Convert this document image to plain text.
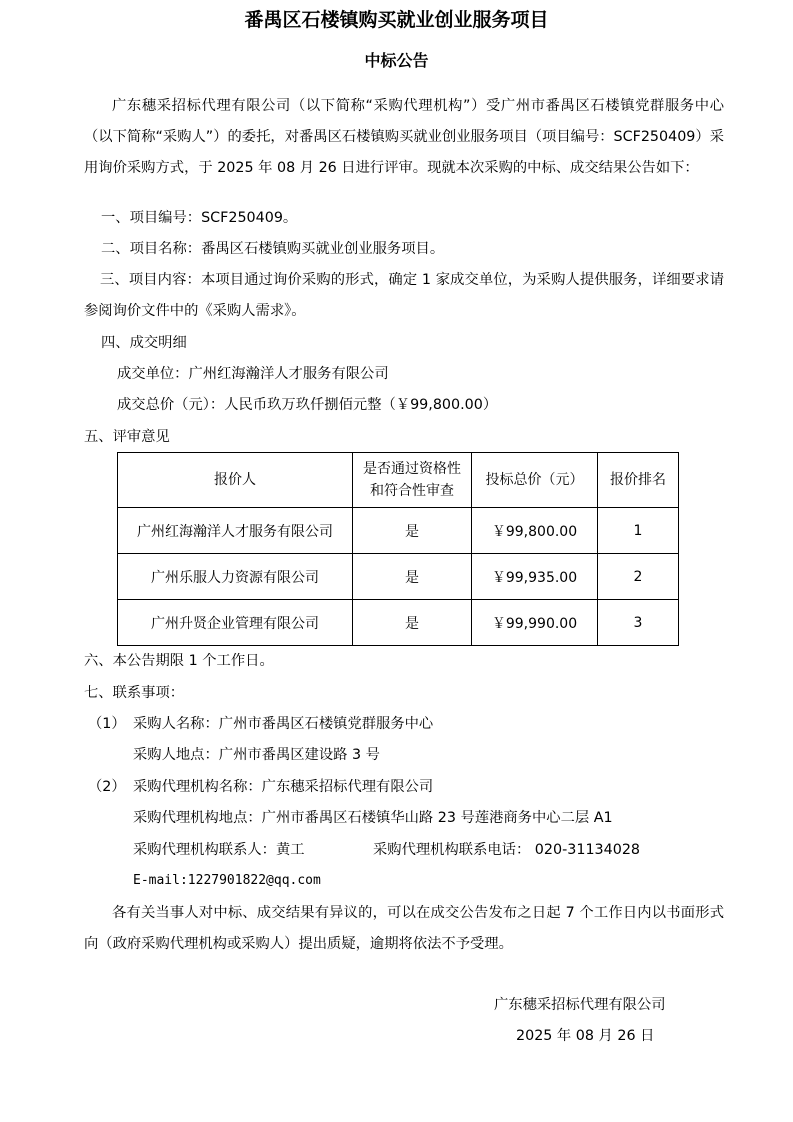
番禺区石楼镇购买就业创业服务项目
中标公告
广东穗采招标代理有限公司（以下简称“采购代理机构”）受广州市番禺区石楼镇党群服务中心（以下简称“采购人”）的委托，对番禺区石楼镇购买就业创业服务项目（项目编号：SCF250409）采用询价采购方式，于 2025 年 08 月 26 日进行评审。现就本次采购的中标、成交结果公告如下：
一、项目编号：SCF250409。
二、项目名称：番禺区石楼镇购买就业创业服务项目。
三、项目内容：本项目通过询价采购的形式，确定 1 家成交单位，为采购人提供服务，详细要求请参阅询价文件中的《采购人需求》。
四、成交明细
成交单位：广州红海瀚洋人才服务有限公司
成交总价（元）：人民币玖万玖仟捌佰元整（￥99,800.00）
五、评审意见
报价人	是否通过资格性和符合性审查	投标总价（元）	报价排名
广州红海瀚洋人才服务有限公司	是	￥99,800.00	1
广州乐服人力资源有限公司	是	￥99,935.00	2
广州升贤企业管理有限公司	是	￥99,990.00	3
六、本公告期限 1 个工作日。
七、联系事项：
（1） 采购人名称：广州市番禺区石楼镇党群服务中心
采购人地点：广州市番禺区建设路 3 号
（2） 采购代理机构名称：广东穗采招标代理有限公司
采购代理机构地点：广州市番禺区石楼镇华山路 23 号莲港商务中心二层 A1
采购代理机构联系人：黄工	采购代理机构联系电话： 020-31134028
E-mail:1227901822@qq.com
各有关当事人对中标、成交结果有异议的，可以在成交公告发布之日起 7 个工作日内以书面形式向（政府采购代理机构或采购人）提出质疑，逾期将依法不予受理。
广东穗采招标代理有限公司
2025 年 08 月 26 日
